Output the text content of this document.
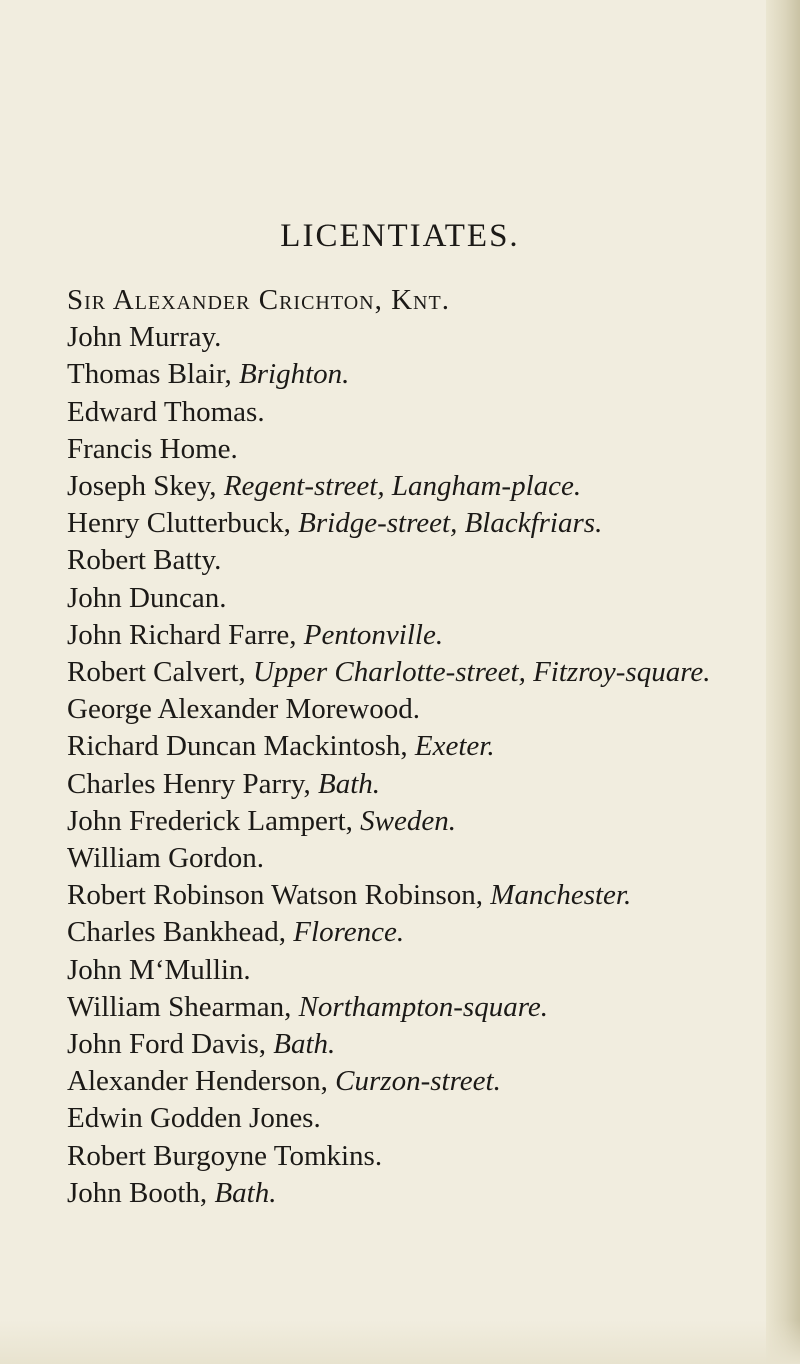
LICENTIATES.
Sir Alexander Crichton, Knt.
John Murray.
Thomas Blair, Brighton.
Edward Thomas.
Francis Home.
Joseph Skey, Regent-street, Langham-place.
Henry Clutterbuck, Bridge-street, Blackfriars.
Robert Batty.
John Duncan.
John Richard Farre, Pentonville.
Robert Calvert, Upper Charlotte-street, Fitzroy-square.
George Alexander Morewood.
Richard Duncan Mackintosh, Exeter.
Charles Henry Parry, Bath.
John Frederick Lampert, Sweden.
William Gordon.
Robert Robinson Watson Robinson, Manchester.
Charles Bankhead, Florence.
John M‘Mullin.
William Shearman, Northampton-square.
John Ford Davis, Bath.
Alexander Henderson, Curzon-street.
Edwin Godden Jones.
Robert Burgoyne Tomkins.
John Booth, Bath.
